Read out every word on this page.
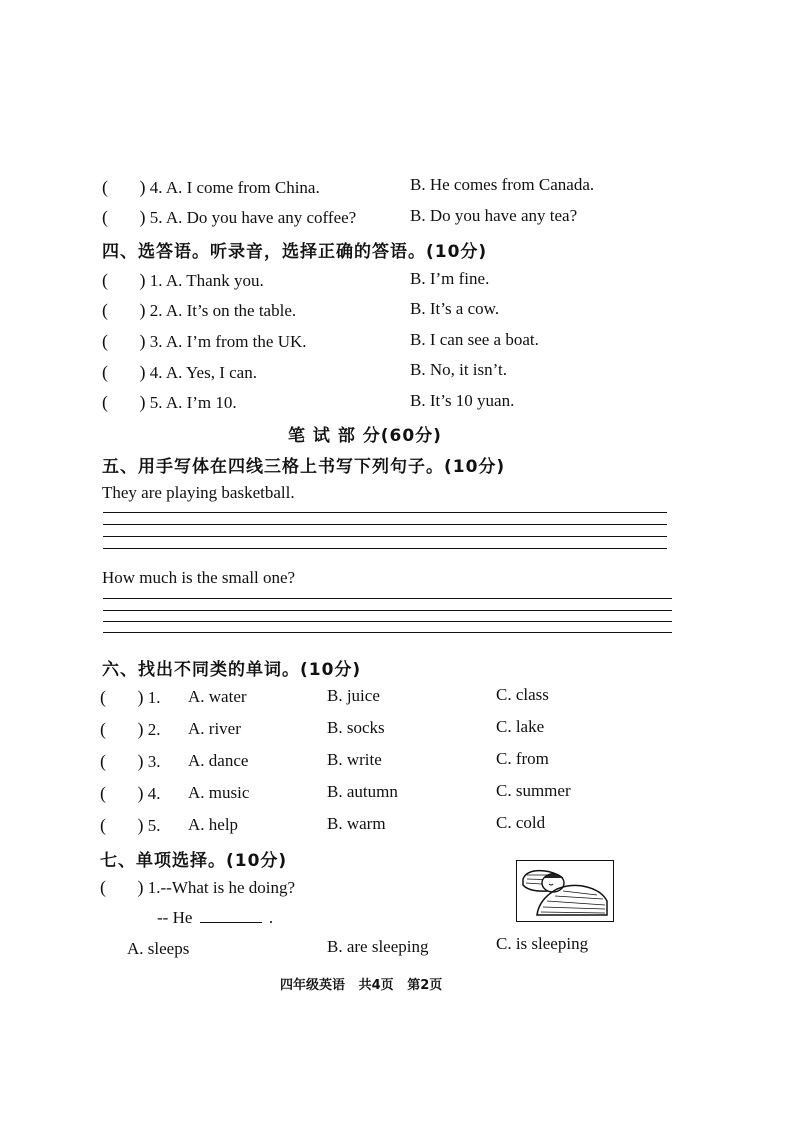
(       ) 4. A. I come from China.	B. He comes from Canada.
(       ) 5. A. Do you have any coffee?	B. Do you have any tea?
四、选答语。听录音，选择正确的答语。(10分)
(       ) 1. A. Thank you.	B. I’m fine.
(       ) 2. A. It’s on the table.	B. It’s a cow.
(       ) 3. A. I’m from the UK.	B. I can see a boat.
(       ) 4. A. Yes, I can.	B. No, it isn’t.
(       ) 5. A. I’m 10.	B. It’s 10 yuan.
笔 试 部 分(60分)
五、用手写体在四线三格上书写下列句子。(10分)
They are playing basketball.
How much is the small one?
六、找出不同类的单词。(10分)
(       ) 1. A. water	B. juice	C. class
(       ) 2. A. river	B. socks	C. lake
(       ) 3. A. dance	B. write	C. from
(       ) 4. A. music	B. autumn	C. summer
(       ) 5. A. help	B. warm	C. cold
七、单项选择。(10分)
(       ) 1.--What is he doing?
-- He	.
A. sleeps	B. are sleeping	C. is sleeping
四年级英语   共4页   第2页
